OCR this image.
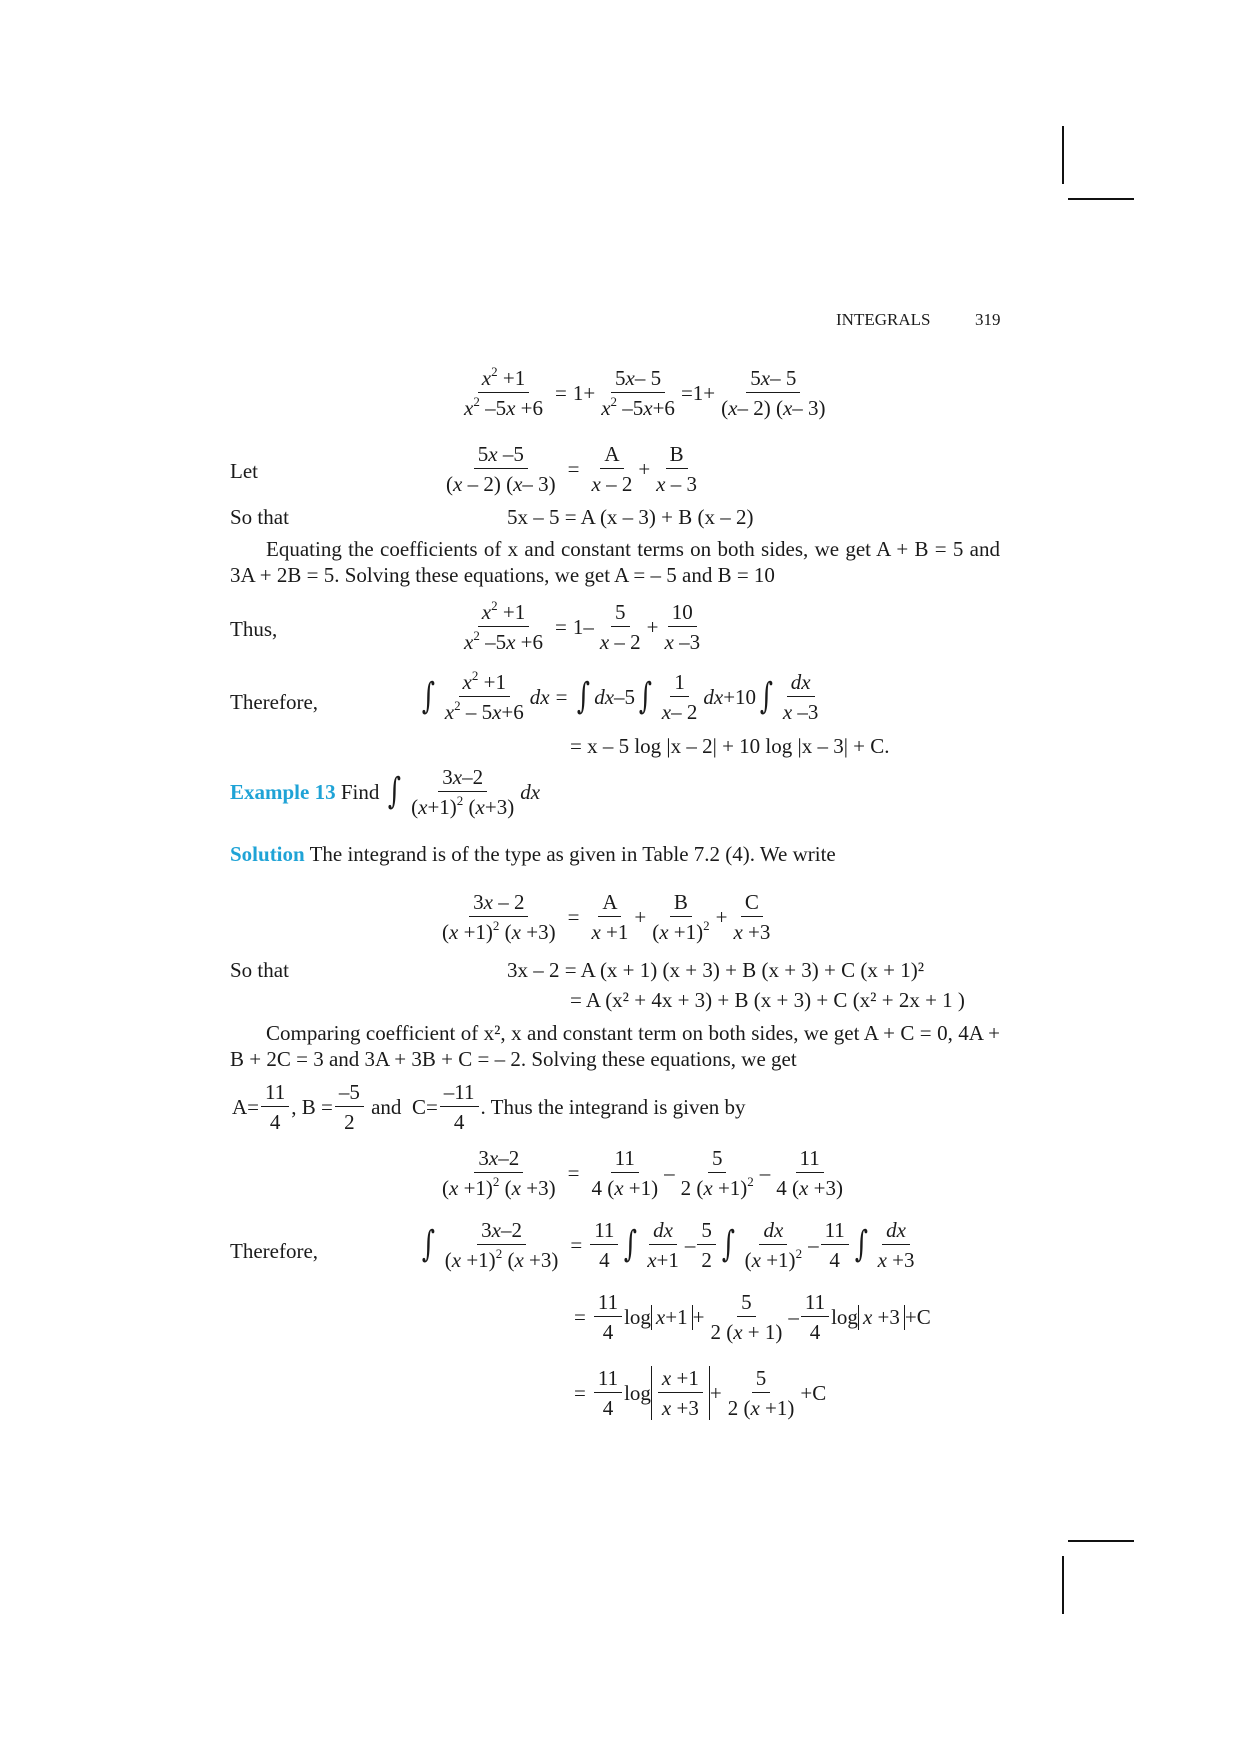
INTEGRALS	319
$\frac{x^2 +1}{x^2 -5x +6} = 1+ \frac{5x- 5}{x^2 -5x+6} =1+$
5x– 5
(x– 2) (x– 3)
Let	$\frac{5x -5}{(x - 2) (x- 3)} = \frac{A}{x - 2}$ +
B
x – 3
So that	5x – 5 = A (x – 3) + B (x – 2)
Equating the coefficients of x and constant terms on both sides, we get A + B = 5 and 3A + 2B = 5. Solving these equations, we get A = – 5 and B = 10
Thus,	$\frac{x^2 +1}{x^2 -5x +6} = 1- \frac{5}{x - 2}$ +
10
x –3
Therefore,	∫ $x^2 +1$
$x^2 - 5x+6$
dx = ∫ dx –5 ∫ 1
x– 2
dx +10 ∫ dx
x –3
= x – 5 log |x – 2| + 10 log |x – 3| + C.
Example 13
Find ∫ 3x–2
$(x+1)^2$ (x+3)
dx
Solution The integrand is of the type as given in Table 7.2 (4). We write
$\frac{3x - 2}{(x +1)^2 (x +3)} = \frac{A}{x +1}$ +
B
$(x +1)^2$ +
C
x +3
So that	3x – 2 = A (x + 1) (x + 3) + B (x + 3) + C (x + 1)²
= A (x² + 4x + 3) + B (x + 3) + C (x² + 2x + 1 )
Comparing coefficient of x², x and constant term on both sides, we get A + C = 0, 4A + B + 2C = 3 and 3A + 3B + C = – 2. Solving these equations, we get
A=
11
4
, B =
–5
2

and C=
–11
4
. Thus the integrand is given by
$\frac{3x-2}{(x +1)^2 (x +3)} = \frac{11}{4 (x +1)}$ –
5
2 $(x +1)^2$ –
11
4 (x +3)
Therefore,	∫ $\frac{3x-2}{(x +1)^2 (x +3)} = \frac{11}{4}$ ∫ dx
x+1
–
5
2 ∫ dx
$(x +1)^2$ –
11
4 ∫ dx
x +3
= $\frac{11}{4}$ log x+1 +
5
2 (x + 1)
–
11
4
log x +3 +C
= $\frac{11}{4}$ $\log \frac{x +1}{x +3}$ +
5
2 (x +1)
+C
